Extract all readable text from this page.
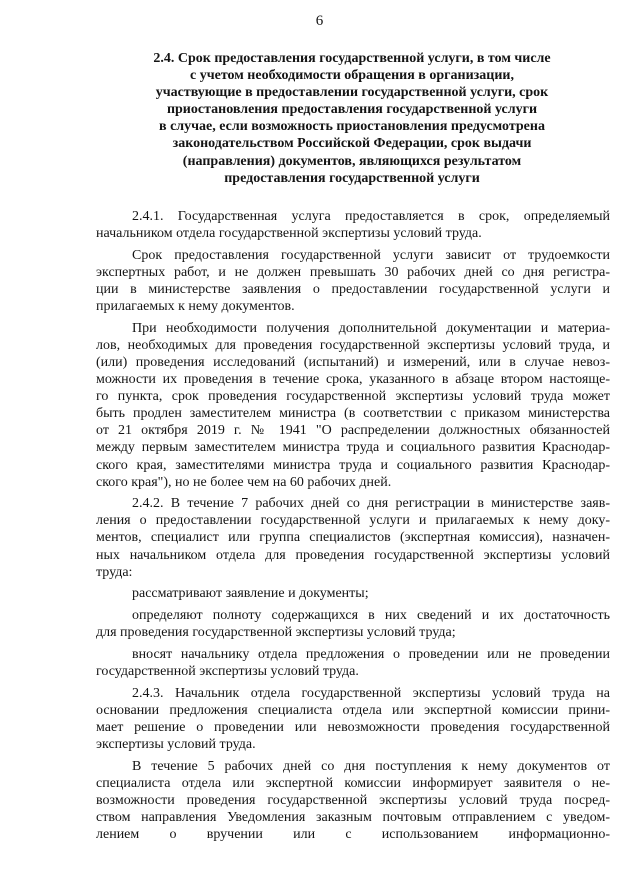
6
2.4. Срок предоставления государственной услуги, в том числе
с учетом необходимости обращения в организации,
участвующие в предоставлении государственной услуги, срок
приостановления предоставления государственной услуги
в случае, если возможность приостановления предусмотрена
законодательством Российской Федерации, срок выдачи
(направления) документов, являющихся результатом
предоставления государственной услуги
2.4.1. Государственная услуга предоставляется в срок, определяемый
начальником отдела государственной экспертизы условий труда.
Срок предоставления государственной услуги зависит от трудоемкости
экспертных работ, и не должен превышать 30 рабочих дней со дня регистра-
ции в министерстве заявления о предоставлении государственной услуги и
прилагаемых к нему документов.
При необходимости получения дополнительной документации и материа-
лов, необходимых для проведения государственной экспертизы условий труда, и
(или) проведения исследований (испытаний) и измерений, или в случае невоз-
можности их проведения в течение срока, указанного в абзаце втором настояще-
го пункта, срок проведения государственной экспертизы условий труда может
быть продлен заместителем министра (в соответствии с приказом министерства
от 21 октября 2019 г. № 1941 "О распределении должностных обязанностей
между первым заместителем министра труда и социального развития Краснодар-
ского края, заместителями министра труда и социального развития Краснодар-
ского края"), но не более чем на 60 рабочих дней.
2.4.2. В течение 7 рабочих дней со дня регистрации в министерстве заяв-
ления о предоставлении государственной услуги и прилагаемых к нему доку-
ментов, специалист или группа специалистов (экспертная комиссия), назначен-
ных начальником отдела для проведения государственной экспертизы условий
труда:
рассматривают заявление и документы;
определяют полноту содержащихся в них сведений и их достаточность
для проведения государственной экспертизы условий труда;
вносят начальнику отдела предложения о проведении или не проведении
государственной экспертизы условий труда.
2.4.3. Начальник отдела государственной экспертизы условий труда на
основании предложения специалиста отдела или экспертной комиссии прини-
мает решение о проведении или невозможности проведения государственной
экспертизы условий труда.
В течение 5 рабочих дней со дня поступления к нему документов от
специалиста отдела или экспертной комиссии информирует заявителя о не-
возможности проведения государственной экспертизы условий труда посред-
ством направления Уведомления заказным почтовым отправлением с уведом-
лением о вручении или с использованием информационно-
